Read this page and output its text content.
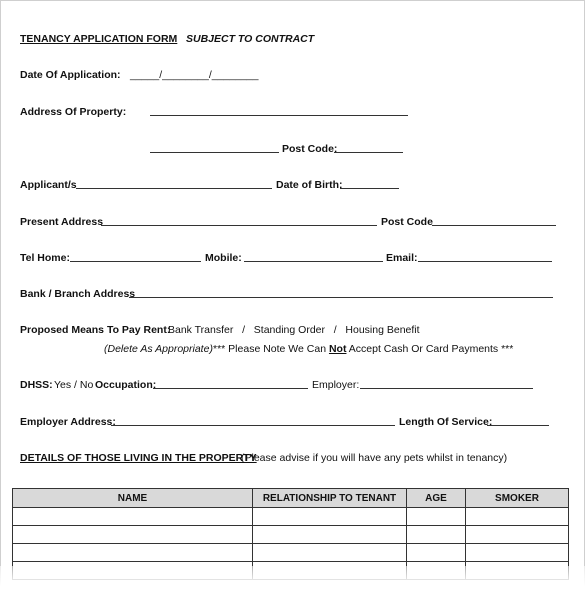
TENANCY APPLICATION FORM SUBJECT TO CONTRACT
Date Of Application: _____/________/________
Address Of Property:
Post Code:
Applicant/s	Date of Birth:
Present Address	Post Code
Tel Home:	Mobile:	Email:
Bank / Branch Address
Proposed Means To Pay Rent:
Bank Transfer   /   Standing Order   /   Housing Benefit
(Delete As Appropriate) *** Please Note We Can Not Accept Cash Or Card Payments ***
DHSS: Yes / No Occupation:	Employer:
Employer Address:	Length Of Service:
DETAILS OF THOSE LIVING IN THE PROPERTY
(Please advise if you will have any pets whilst in tenancy)
NAME	RELATIONSHIP TO TENANT	AGE	SMOKER
